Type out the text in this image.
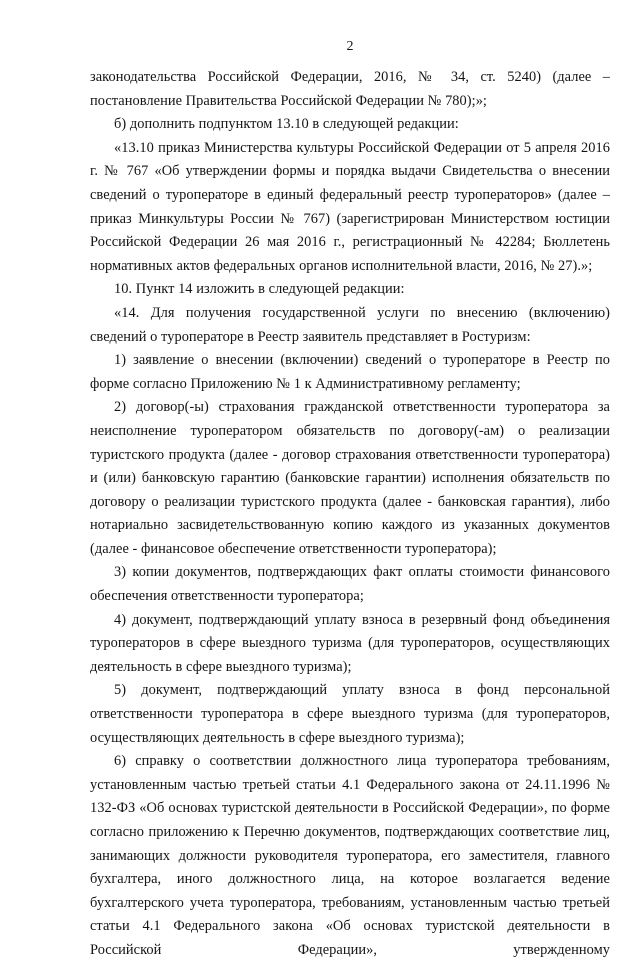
2

законодательства Российской Федерации, 2016, № 34, ст. 5240) (далее – постановление Правительства Российской Федерации № 780);»;

б) дополнить подпунктом 13.10 в следующей редакции:

«13.10 приказ Министерства культуры Российской Федерации от 5 апреля 2016 г. № 767 «Об утверждении формы и порядка выдачи Свидетельства о внесении сведений о туроператоре в единый федеральный реестр туроператоров» (далее – приказ Минкультуры России № 767) (зарегистрирован Министерством юстиции Российской Федерации 26 мая 2016 г., регистрационный № 42284; Бюллетень нормативных актов федеральных органов исполнительной власти, 2016, № 27).»;

10. Пункт 14 изложить в следующей редакции:

«14. Для получения государственной услуги по внесению (включению) сведений о туроператоре в Реестр заявитель представляет в Ростуризм:

1) заявление о внесении (включении) сведений о туроператоре в Реестр по форме согласно Приложению № 1 к Административному регламенту;

2) договор(-ы) страхования гражданской ответственности туроператора за неисполнение туроператором обязательств по договору(-ам) о реализации туристского продукта (далее - договор страхования ответственности туроператора) и (или) банковскую гарантию (банковские гарантии) исполнения обязательств по договору о реализации туристского продукта (далее - банковская гарантия), либо нотариально засвидетельствованную копию каждого из указанных документов (далее - финансовое обеспечение ответственности туроператора);

3) копии документов, подтверждающих факт оплаты стоимости финансового обеспечения ответственности туроператора;

4) документ, подтверждающий уплату взноса в резервный фонд объединения туроператоров в сфере выездного туризма (для туроператоров, осуществляющих деятельность в сфере выездного туризма);

5) документ, подтверждающий уплату взноса в фонд персональной ответственности туроператора в сфере выездного туризма (для туроператоров, осуществляющих деятельность в сфере выездного туризма);

6) справку о соответствии должностного лица туроператора требованиям, установленным частью третьей статьи 4.1 Федерального закона от 24.11.1996 № 132-ФЗ «Об основах туристской деятельности в Российской Федерации», по форме согласно приложению к Перечню документов, подтверждающих соответствие лиц, занимающих должности руководителя туроператора, его заместителя, главного бухгалтера, иного должностного лица, на которое возлагается ведение бухгалтерского учета туроператора, требованиям, установленным частью третьей статьи 4.1 Федерального закона «Об основах туристской деятельности в Российской Федерации», утвержденному
